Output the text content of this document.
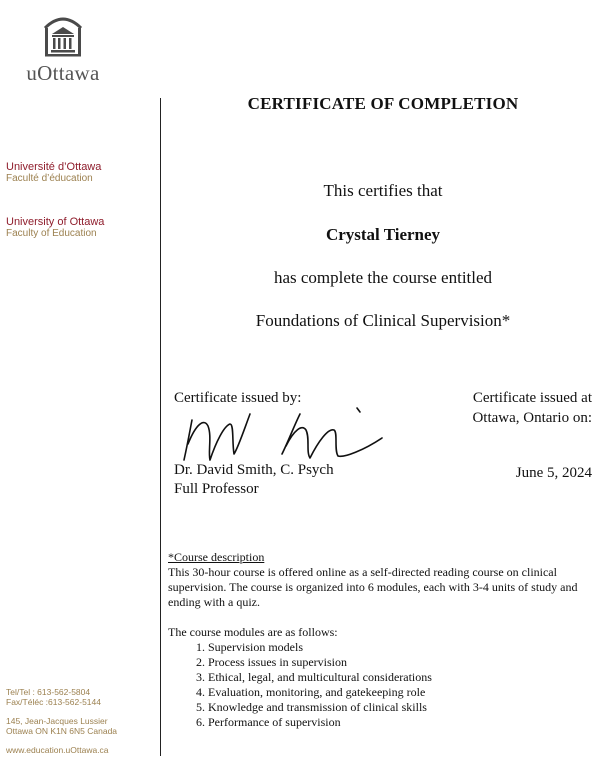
uOttawa
Université d’Ottawa
Faculté d’éducation
University of Ottawa
Faculty of Education
Tel/Tel : 613-562-5804
Fax/Téléc :613-562-5144
145, Jean-Jacques Lussier
Ottawa ON K1N 6N5 Canada
www.education.uOttawa.ca
CERTIFICATE OF COMPLETION
This certifies that
Crystal Tierney
has complete the course entitled
Foundations of Clinical Supervision*
Certificate issued by:	Certificate issued at
Ottawa, Ontario on:
Dr. David Smith, C. Psych
Full Professor
June 5, 2024
*Course description
This 30-hour course is offered online as a self-directed reading course on clinical supervision. The course is organized into 6 modules, each with 3-4 units of study and ending with a quiz.
The course modules are as follows:
1. Supervision models
2. Process issues in supervision
3. Ethical, legal, and multicultural considerations
4. Evaluation, monitoring, and gatekeeping role
5. Knowledge and transmission of clinical skills
6. Performance of supervision
